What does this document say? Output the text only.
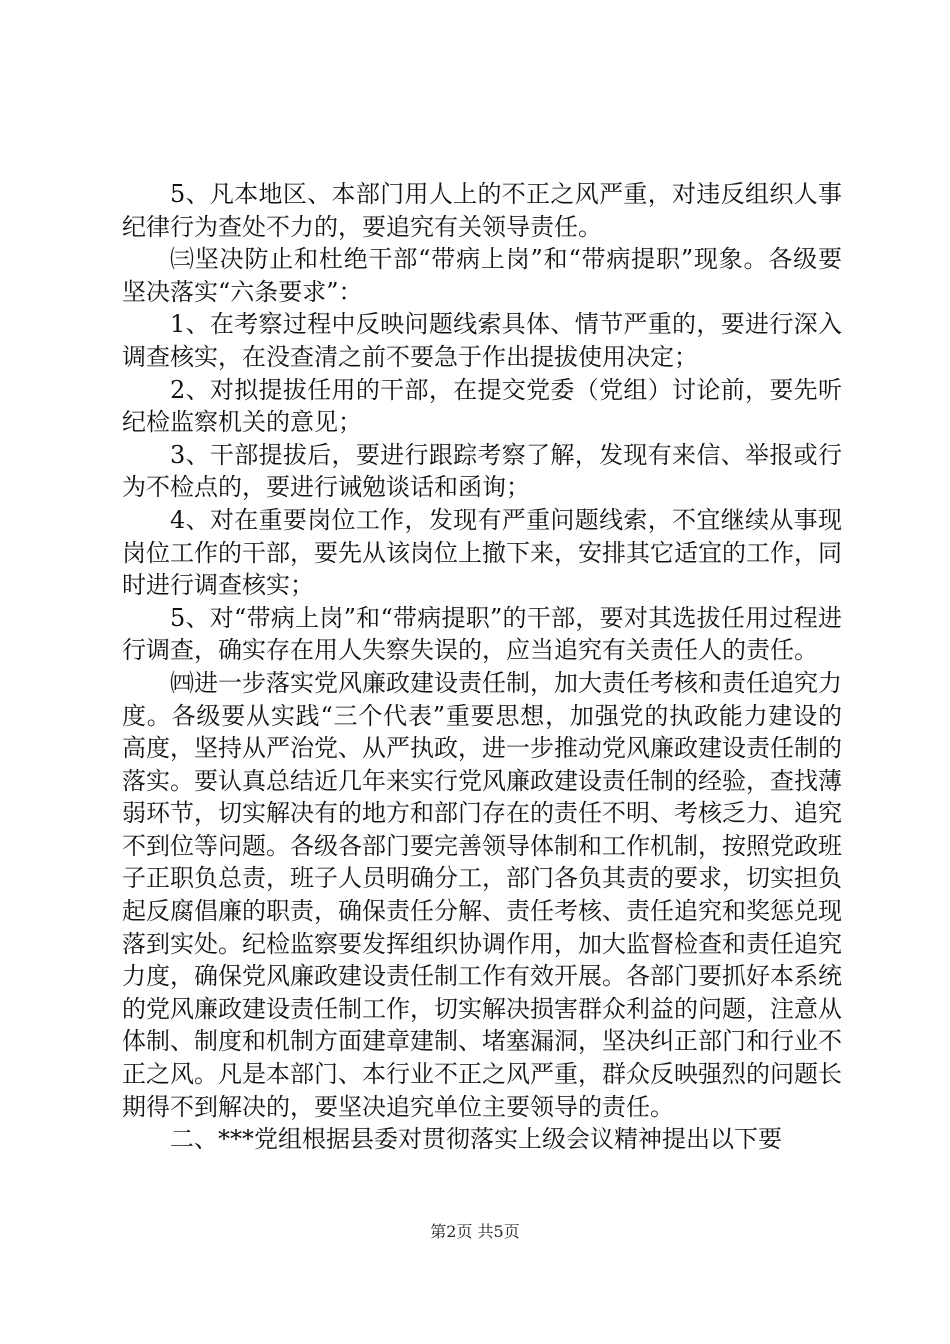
5、凡本地区、本部门用人上的不正之风严重，对违反组织人事纪律行为查处不力的，要追究有关领导责任。

㈢坚决防止和杜绝干部“带病上岗”和“带病提职”现象。各级要坚决落实“六条要求”：

1、在考察过程中反映问题线索具体、情节严重的，要进行深入调查核实，在没查清之前不要急于作出提拔使用决定；

2、对拟提拔任用的干部，在提交党委（党组）讨论前，要先听纪检监察机关的意见；

3、干部提拔后，要进行跟踪考察了解，发现有来信、举报或行为不检点的，要进行诫勉谈话和函询；

4、对在重要岗位工作，发现有严重问题线索，不宜继续从事现岗位工作的干部，要先从该岗位上撤下来，安排其它适宜的工作，同时进行调查核实；

5、对“带病上岗”和“带病提职”的干部，要对其选拔任用过程进行调查，确实存在用人失察失误的，应当追究有关责任人的责任。

㈣进一步落实党风廉政建设责任制，加大责任考核和责任追究力度。各级要从实践“三个代表”重要思想，加强党的执政能力建设的高度，坚持从严治党、从严执政，进一步推动党风廉政建设责任制的落实。要认真总结近几年来实行党风廉政建设责任制的经验，查找薄弱环节，切实解决有的地方和部门存在的责任不明、考核乏力、追究不到位等问题。各级各部门要完善领导体制和工作机制，按照党政班子正职负总责，班子人员明确分工，部门各负其责的要求，切实担负起反腐倡廉的职责，确保责任分解、责任考核、责任追究和奖惩兑现落到实处。纪检监察要发挥组织协调作用，加大监督检查和责任追究力度，确保党风廉政建设责任制工作有效开展。各部门要抓好本系统的党风廉政建设责任制工作，切实解决损害群众利益的问题，注意从体制、制度和机制方面建章建制、堵塞漏洞，坚决纠正部门和行业不正之风。凡是本部门、本行业不正之风严重，群众反映强烈的问题长期得不到解决的，要坚决追究单位主要领导的责任。

二、***党组根据县委对贯彻落实上级会议精神提出以下要

第2页 共5页
